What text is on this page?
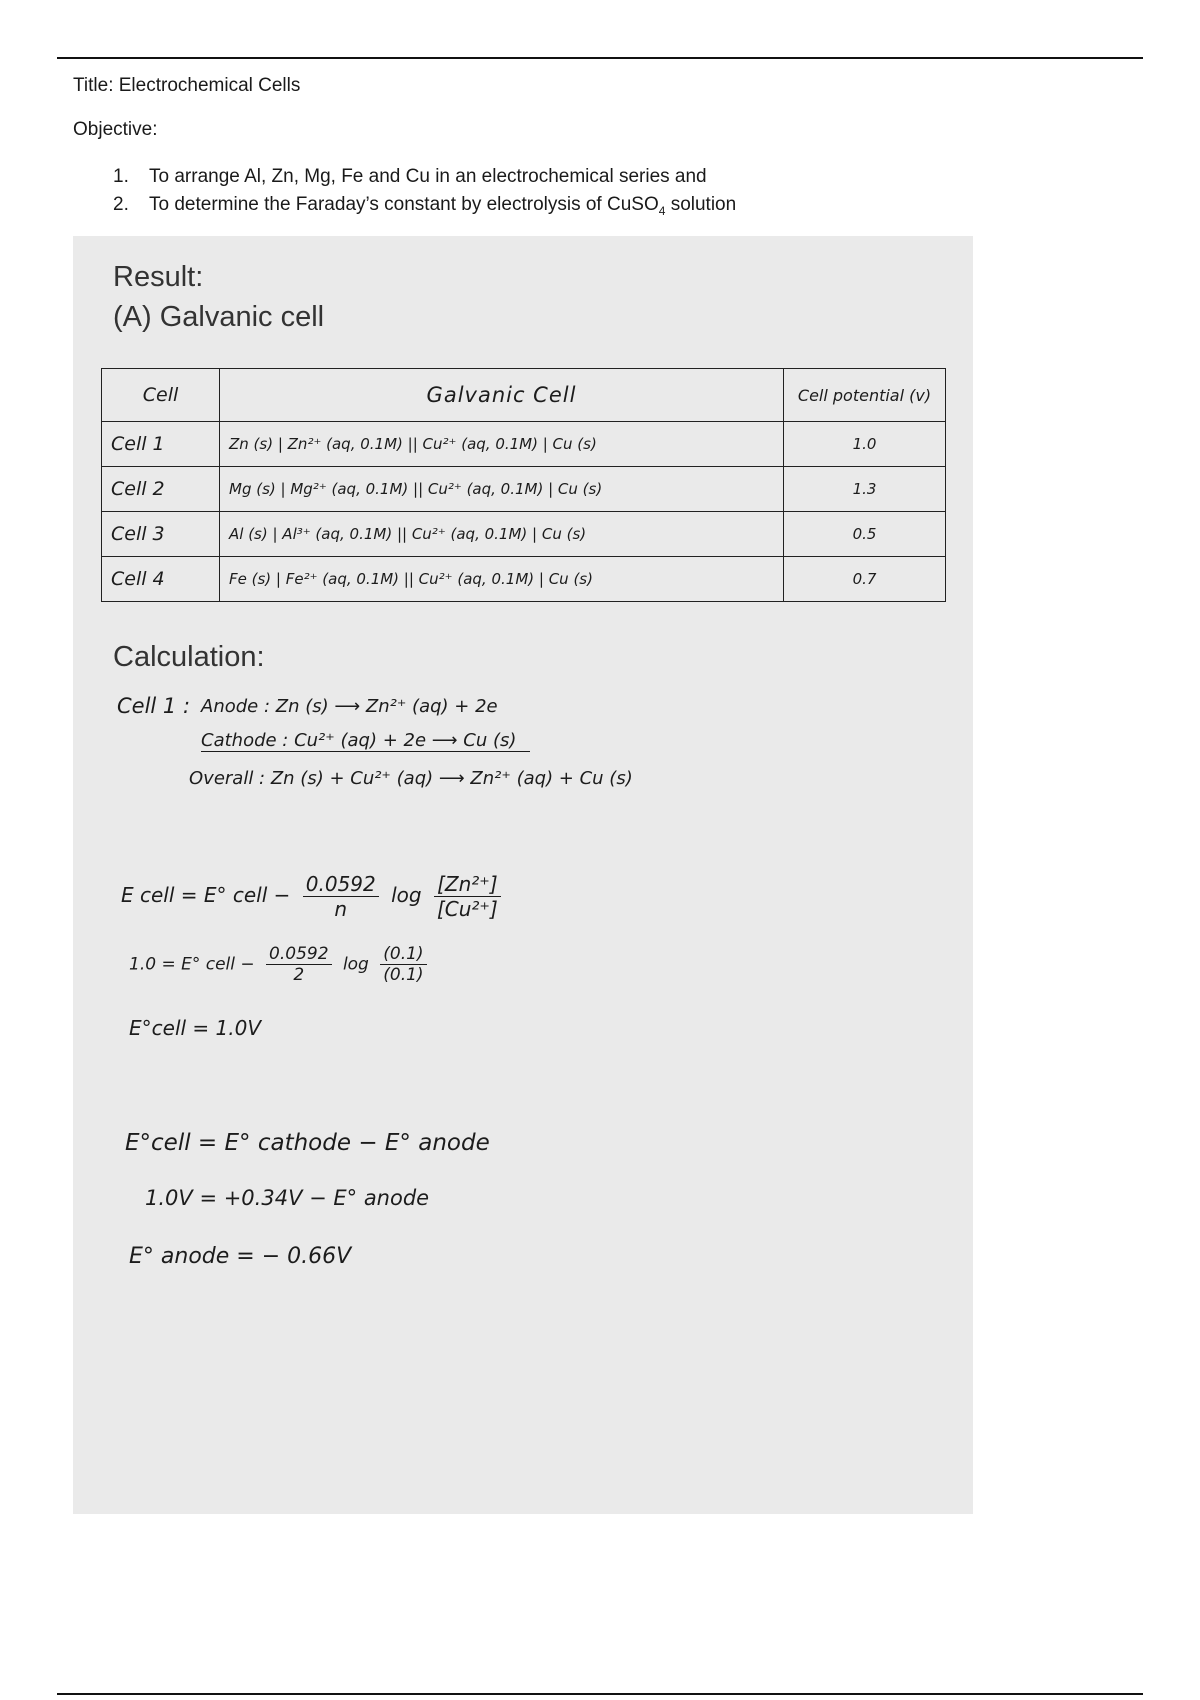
Title: Electrochemical Cells
Objective:
1. To arrange Al, Zn, Mg, Fe and Cu in an electrochemical series and
2. To determine the Faraday’s constant by electrolysis of CuSO$_4$ solution
Result:
(A) Galvanic cell
Cell	Galvanic Cell	Cell potential (v)
Cell 1	Zn (s) | Zn²⁺ (aq, 0.1M) || Cu²⁺ (aq, 0.1M) | Cu (s)	1.0
Cell 2	Mg (s) | Mg²⁺ (aq, 0.1M) || Cu²⁺ (aq, 0.1M) | Cu (s)	1.3
Cell 3	Al (s) | Al³⁺ (aq, 0.1M) || Cu²⁺ (aq, 0.1M) | Cu (s)	0.5
Cell 4	Fe (s) | Fe²⁺ (aq, 0.1M) || Cu²⁺ (aq, 0.1M) | Cu (s)	0.7
Calculation:
Cell 1 : Anode : Zn (s) ⟶ Zn²⁺ (aq) + 2e
Cathode : Cu²⁺ (aq) + 2e ⟶ Cu (s)
Overall : Zn (s) + Cu²⁺ (aq) ⟶ Zn²⁺ (aq) + Cu (s)
E cell = E° cell − $\frac{0.0592}{n}$ $\log \frac{\text{[Zn²⁺]}}{\text{[Cu²⁺]}}$
1.0 = E° cell − $\frac{0.0592}{2}$ $\log \frac{(0.1)}{(0.1)}$
E°cell = 1.0V
E°cell = E° cathode − E° anode
1.0V = +0.34V − E° anode
E° anode = − 0.66V
